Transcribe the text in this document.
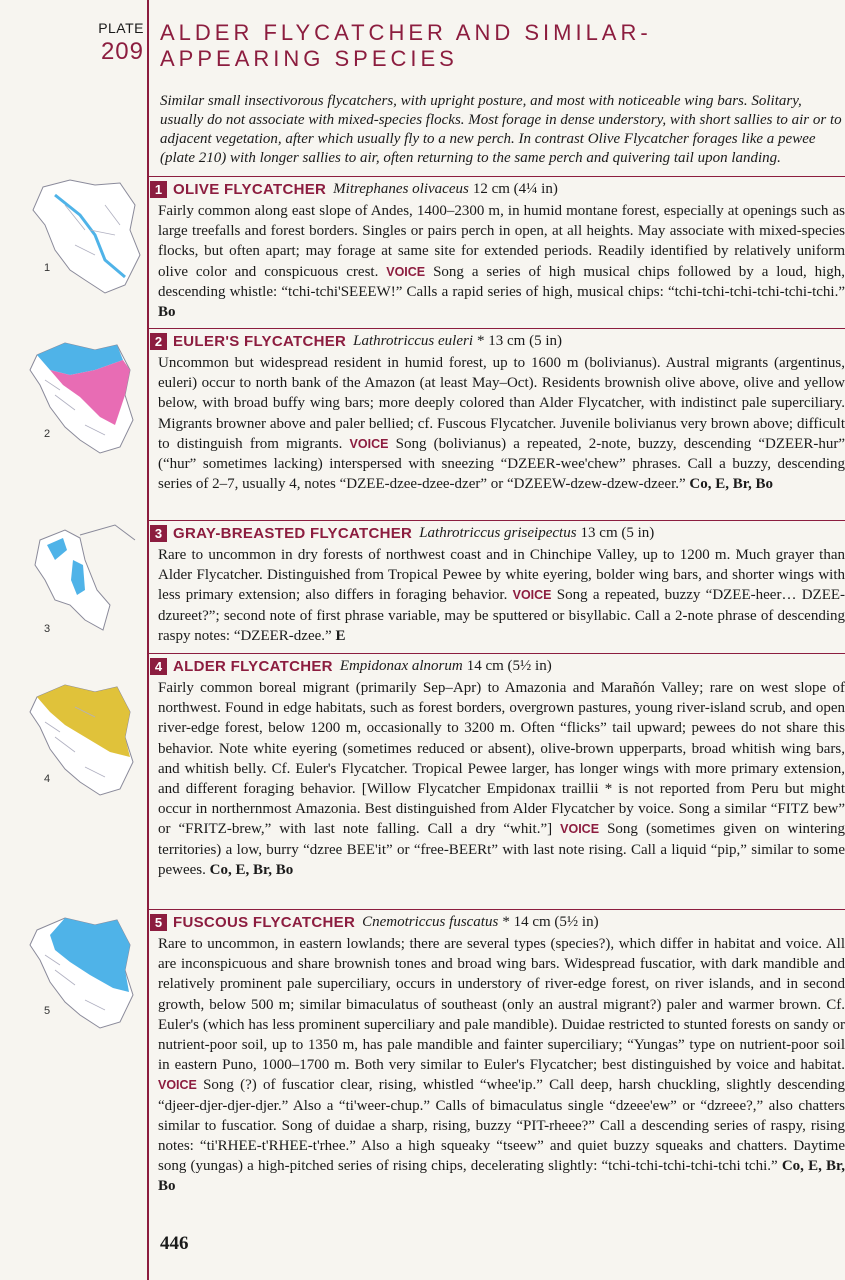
PLATE
209
ALDER FLYCATCHER AND SIMILAR-
APPEARING SPECIES
Similar small insectivorous flycatchers, with upright posture, and most with noticeable wing bars. Solitary, usually do not associate with mixed-species flocks. Most forage in dense understory, with short sallies to air or to adjacent vegetation, after which usually fly to a new perch. In contrast Olive Flycatcher forages like a pewee (plate 210) with longer sallies to air, often returning to the same perch and quivering tail upon landing.
1 OLIVE FLYCATCHER Mitrephanes olivaceus 12 cm (4¼ in)
Fairly common along east slope of Andes, 1400–2300 m, in humid montane forest, especially at openings such as large treefalls and forest borders. Singles or pairs perch in open, at all heights. May associate with mixed-species flocks, but often apart; may forage at same site for extended periods. Readily identified by relatively uniform olive color and conspicuous crest. VOICE Song a series of high musical chips followed by a loud, high, descending whistle: “tchi-tchi'SEEEW!” Calls a rapid series of high, musical chips: “tchi-tchi-tchi-tchi-tchi-tchi.” Bo
2 EULER'S FLYCATCHER Lathrotriccus euleri * 13 cm (5 in)
Uncommon but widespread resident in humid forest, up to 1600 m (bolivianus). Austral migrants (argentinus, euleri) occur to north bank of the Amazon (at least May–Oct). Residents brownish olive above, olive and yellow below, with broad buffy wing bars; more deeply colored than Alder Flycatcher, with indistinct pale superciliary. Migrants browner above and paler bellied; cf. Fuscous Flycatcher. Juvenile bolivianus very brown above; difficult to distinguish from migrants. VOICE Song (bolivianus) a repeated, 2-note, buzzy, descending “DZEER-hur” (“hur” sometimes lacking) interspersed with sneezing “DZEER-wee'chew” phrases. Call a buzzy, descending series of 2–7, usually 4, notes “DZEE-dzee-dzee-dzer” or “DZEEW-dzew-dzew-dzeer.” Co, E, Br, Bo
3 GRAY-BREASTED FLYCATCHER Lathrotriccus griseipectus 13 cm (5 in)
Rare to uncommon in dry forests of northwest coast and in Chinchipe Valley, up to 1200 m. Much grayer than Alder Flycatcher. Distinguished from Tropical Pewee by white eyering, bolder wing bars, and shorter wings with less primary extension; also differs in foraging behavior. VOICE Song a repeated, buzzy “DZEE-heer… DZEE-dzureet?”; second note of first phrase variable, may be sputtered or bisyllabic. Call a 2-note phrase of descending raspy notes: “DZEER-dzee.” E
4 ALDER FLYCATCHER Empidonax alnorum 14 cm (5½ in)
Fairly common boreal migrant (primarily Sep–Apr) to Amazonia and Marañón Valley; rare on west slope of northwest. Found in edge habitats, such as forest borders, overgrown pastures, young river-island scrub, and open river-edge forest, below 1200 m, occasionally to 3200 m. Often “flicks” tail upward; pewees do not share this behavior. Note white eyering (sometimes reduced or absent), olive-brown upperparts, broad whitish wing bars, and whitish belly. Cf. Euler's Flycatcher. Tropical Pewee larger, has longer wings with more primary extension, and different foraging behavior. [Willow Flycatcher Empidonax traillii * is not reported from Peru but might occur in northernmost Amazonia. Best distinguished from Alder Flycatcher by voice. Song a similar “FITZ bew” or “FRITZ-brew,” with last note falling. Call a dry “whit.”] VOICE Song (sometimes given on wintering territories) a low, burry “dzree BEE'it” or “free-BEERt” with last note rising. Call a liquid “pip,” similar to some pewees. Co, E, Br, Bo
5 FUSCOUS FLYCATCHER Cnemotriccus fuscatus * 14 cm (5½ in)
Rare to uncommon, in eastern lowlands; there are several types (species?), which differ in habitat and voice. All are inconspicuous and share brownish tones and broad wing bars. Widespread fuscatior, with dark mandible and relatively prominent pale superciliary, occurs in understory of river-edge forest, on river islands, and in second growth, below 500 m; similar bimaculatus of southeast (only an austral migrant?) paler and warmer brown. Cf. Euler's (which has less prominent superciliary and pale mandible). Duidae restricted to stunted forests on sandy or nutrient-poor soil, up to 1350 m, has pale mandible and fainter superciliary; “Yungas” type on nutrient-poor soil in eastern Puno, 1000–1700 m. Both very similar to Euler's Flycatcher; best distinguished by voice and habitat. VOICE Song (?) of fuscatior clear, rising, whistled “whee'ip.” Call deep, harsh chuckling, slightly descending “djeer-djer-djer-djer.” Also a “ti'weer-chup.” Calls of bimaculatus single “dzeee'ew” or “dzreee?,” also chatters similar to fuscatior. Song of duidae a sharp, rising, buzzy “PIT-rheee?” Call a descending series of raspy, rising notes: “ti'RHEE-t'RHEE-t'rhee.” Also a high squeaky “tseew” and quiet buzzy squeaks and chatters. Daytime song (yungas) a high-pitched series of rising chips, decelerating slightly: “tchi-tchi-tchi-tchi-tchi tchi.” Co, E, Br, Bo
1
2
3
4
5
446
